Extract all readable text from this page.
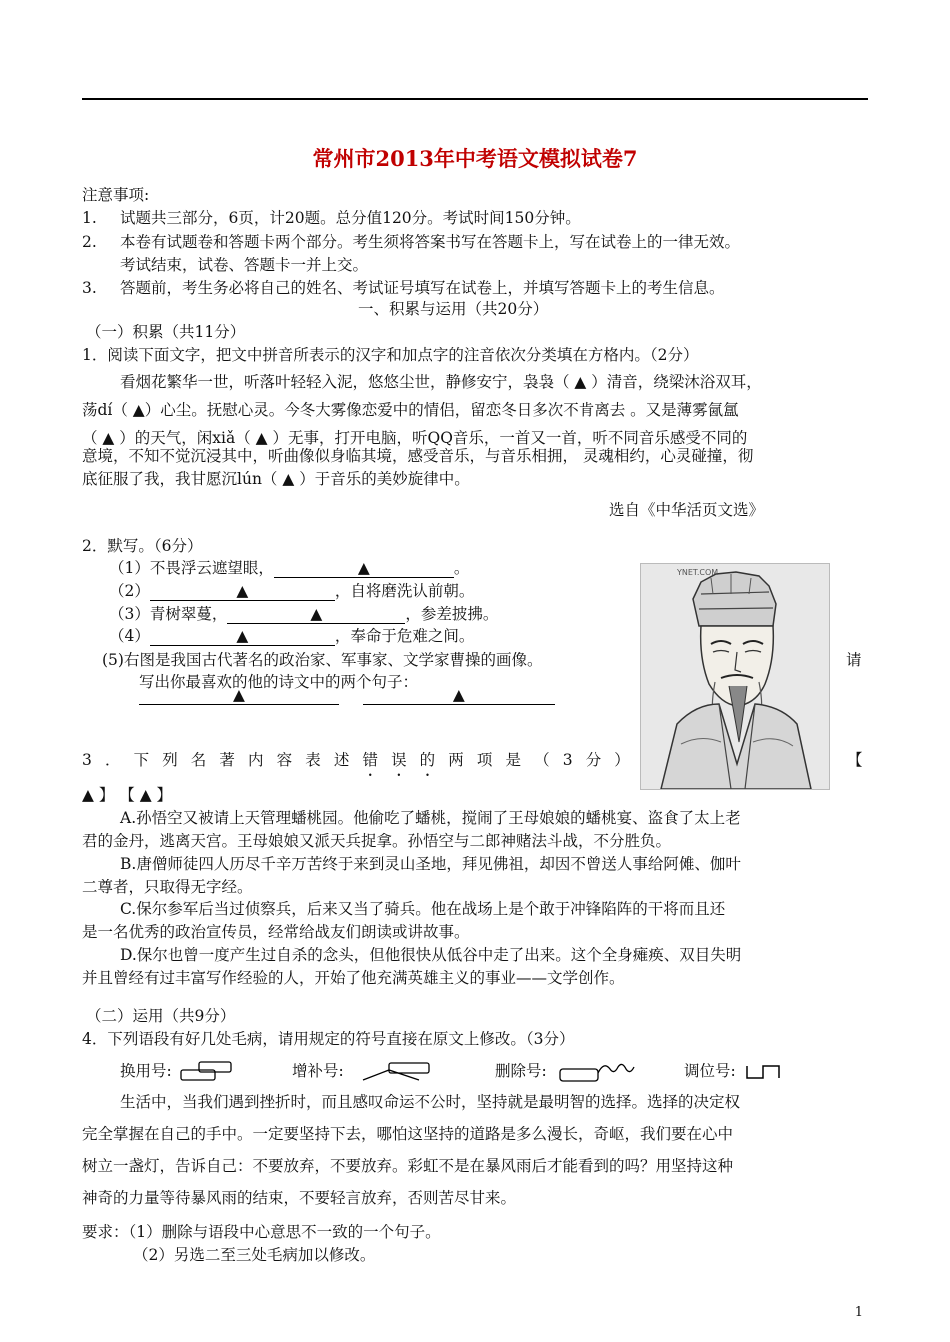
常州市2013年中考语文模拟试卷7
注意事项:
1. 试题共三部分，6页，计20题。总分值120分。考试时间150分钟。
2. 本卷有试题卷和答题卡两个部分。考生须将答案书写在答题卡上，写在试卷上的一律无效。
考试结束，试卷、答题卡一并上交。
3. 答题前，考生务必将自己的姓名、考试证号填写在试卷上，并填写答题卡上的考生信息。
一、积累与运用（共20分）
（一）积累（共11分）
1．阅读下面文字，把文中拼音所表示的汉字和加点字的注音依次分类填在方格内。（2分）
看烟花繁华一世，听落叶轻轻入泥，悠悠尘世，静修安宁，袅袅（ ▲ ）清音，绕梁沐浴双耳，
荡dí（ ▲）心尘。抚慰心灵。今冬大雾像恋爱中的情侣，留恋冬日多次不肯离去 。又是薄雾氤氲
（ ▲ ）的天气，闲xiǎ（ ▲ ）无事，打开电脑，听QQ音乐，一首又一首，听不同音乐感受不同的
意境，不知不觉沉浸其中，听曲像似身临其境，感受音乐，与音乐相拥， 灵魂相约，心灵碰撞，彻
底征服了我，我甘愿沉lún（ ▲ ）于音乐的美妙旋律中。
选自《中华活页文选》
2．默写。（6分）
（1）不畏浮云遮望眼，	▲	。
（2）	▲	，自将磨洗认前朝。
（3）青树翠蔓，	▲	，参差披拂。
（4）	▲	，奉命于危难之间。
(5)右图是我国古代著名的政治家、军事家、文学家曹操的画像。	请
写出你最喜欢的他的诗文中的两个句子：
▲	▲
YNET.COM
3 ． 下 列 名 著 内 容 表 述 错 • 误 • 的 • 两 项 是 （ 3 分 ）	【
▲ 】 【 ▲ 】
A.孙悟空又被请上天管理蟠桃园。他偷吃了蟠桃，搅闹了王母娘娘的蟠桃宴、盗食了太上老
君的金丹，逃离天宫。王母娘娘又派天兵捉拿。孙悟空与二郎神赌法斗战，不分胜负。
B.唐僧师徒四人历尽千辛万苦终于来到灵山圣地，拜见佛祖，却因不曾送人事给阿傩、伽叶
二尊者，只取得无字经。
C.保尔参军后当过侦察兵，后来又当了骑兵。他在战场上是个敢于冲锋陷阵的干将而且还
是一名优秀的政治宣传员，经常给战友们朗读或讲故事。
D.保尔也曾一度产生过自杀的念头，但他很快从低谷中走了出来。这个全身瘫痪、双目失明
并且曾经有过丰富写作经验的人，开始了他充满英雄主义的事业——文学创作。
（二）运用（共9分）
4．下列语段有好几处毛病，请用规定的符号直接在原文上修改。（3分）
换用号:	增补号:	删除号:	调位号:
生活中，当我们遇到挫折时，而且感叹命运不公时，坚持就是最明智的选择。选择的决定权
完全掌握在自己的手中。一定要坚持下去，哪怕这坚持的道路是多么漫长，奇岖，我们要在心中
树立一盏灯，告诉自己：不要放弃，不要放弃。彩虹不是在暴风雨后才能看到的吗？用坚持这种
神奇的力量等待暴风雨的结束，不要轻言放弃，否则苦尽甘来。
要求：（1）删除与语段中心意思不一致的一个句子。
（2）另选二至三处毛病加以修改。
1
